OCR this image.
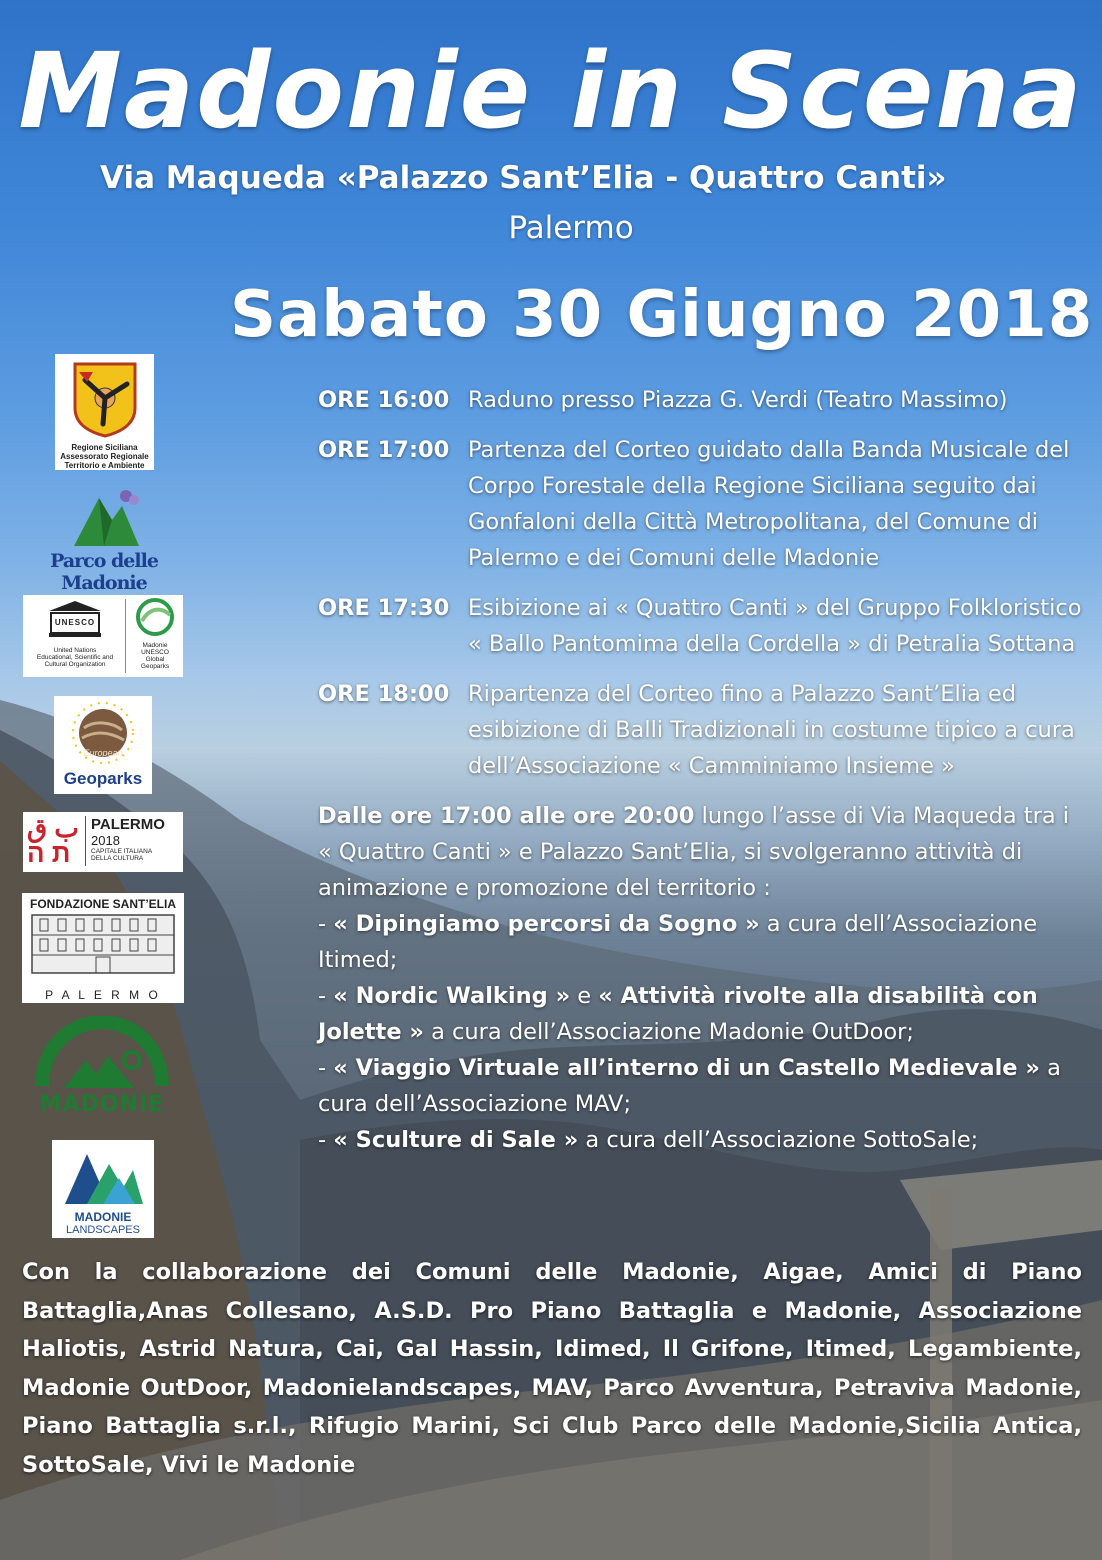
Madonie in Scena
Via Maqueda «Palazzo Sant’Elia - Quattro Canti»
Palermo
Sabato 30 Giugno 2018
Regione Siciliana
Assessorato Regionale
Territorio e Ambiente
Parco delle Madonie
UNESCO
United Nations
Educational, Scientific and
Cultural Organization
Madonie
UNESCO
Global
Geoparks
European
Geoparks
ب ق
ת ה
PALERMO
2018
CAPITALE ITALIANA
DELLA CULTURA
FONDAZIONE SANT’ELIA
P A L E R M O
MADONIE
MADONIE
LANDSCAPES
ORE 16:00 Raduno presso Piazza G. Verdi (Teatro Massimo)
ORE 17:00 Partenza del Corteo guidato dalla Banda Musicale del Corpo Forestale della Regione Siciliana seguito dai Gonfaloni della Città Metropolitana, del Comune di Palermo e dei Comuni delle Madonie
ORE 17:30 Esibizione ai « Quattro Canti » del Gruppo Folkloristico « Ballo Pantomima della Cordella » di Petralia Sottana
ORE 18:00 Ripartenza del Corteo fino a Palazzo Sant’Elia ed esibizione di Balli Tradizionali in costume tipico a cura dell’Associazione « Camminiamo Insieme »
Dalle ore 17:00 alle ore 20:00 lungo l’asse di Via Maqueda tra i « Quattro Canti » e Palazzo Sant’Elia, si svolgeranno attività di animazione e promozione del territorio :
- « Dipingiamo percorsi da Sogno » a cura dell’Associazione Itimed;
- « Nordic Walking » e « Attività rivolte alla disabilità con Jolette » a cura dell’Associazione Madonie OutDoor;
- « Viaggio Virtuale all’interno di un Castello Medievale » a cura dell’Associazione MAV;
- « Sculture di Sale » a cura dell’Associazione SottoSale;
Con la collaborazione dei Comuni delle Madonie, Aigae, Amici di Piano Battaglia,Anas Collesano, A.S.D. Pro Piano Battaglia e Madonie, Associazione Haliotis, Astrid Natura, Cai, Gal Hassin, Idimed, Il Grifone, Itimed, Legambiente, Madonie OutDoor, Madonielandscapes, MAV, Parco Avventura, Petraviva Madonie, Piano Battaglia s.r.l., Rifugio Marini, Sci Club Parco delle Madonie,Sicilia Antica, SottoSale, Vivi le Madonie
